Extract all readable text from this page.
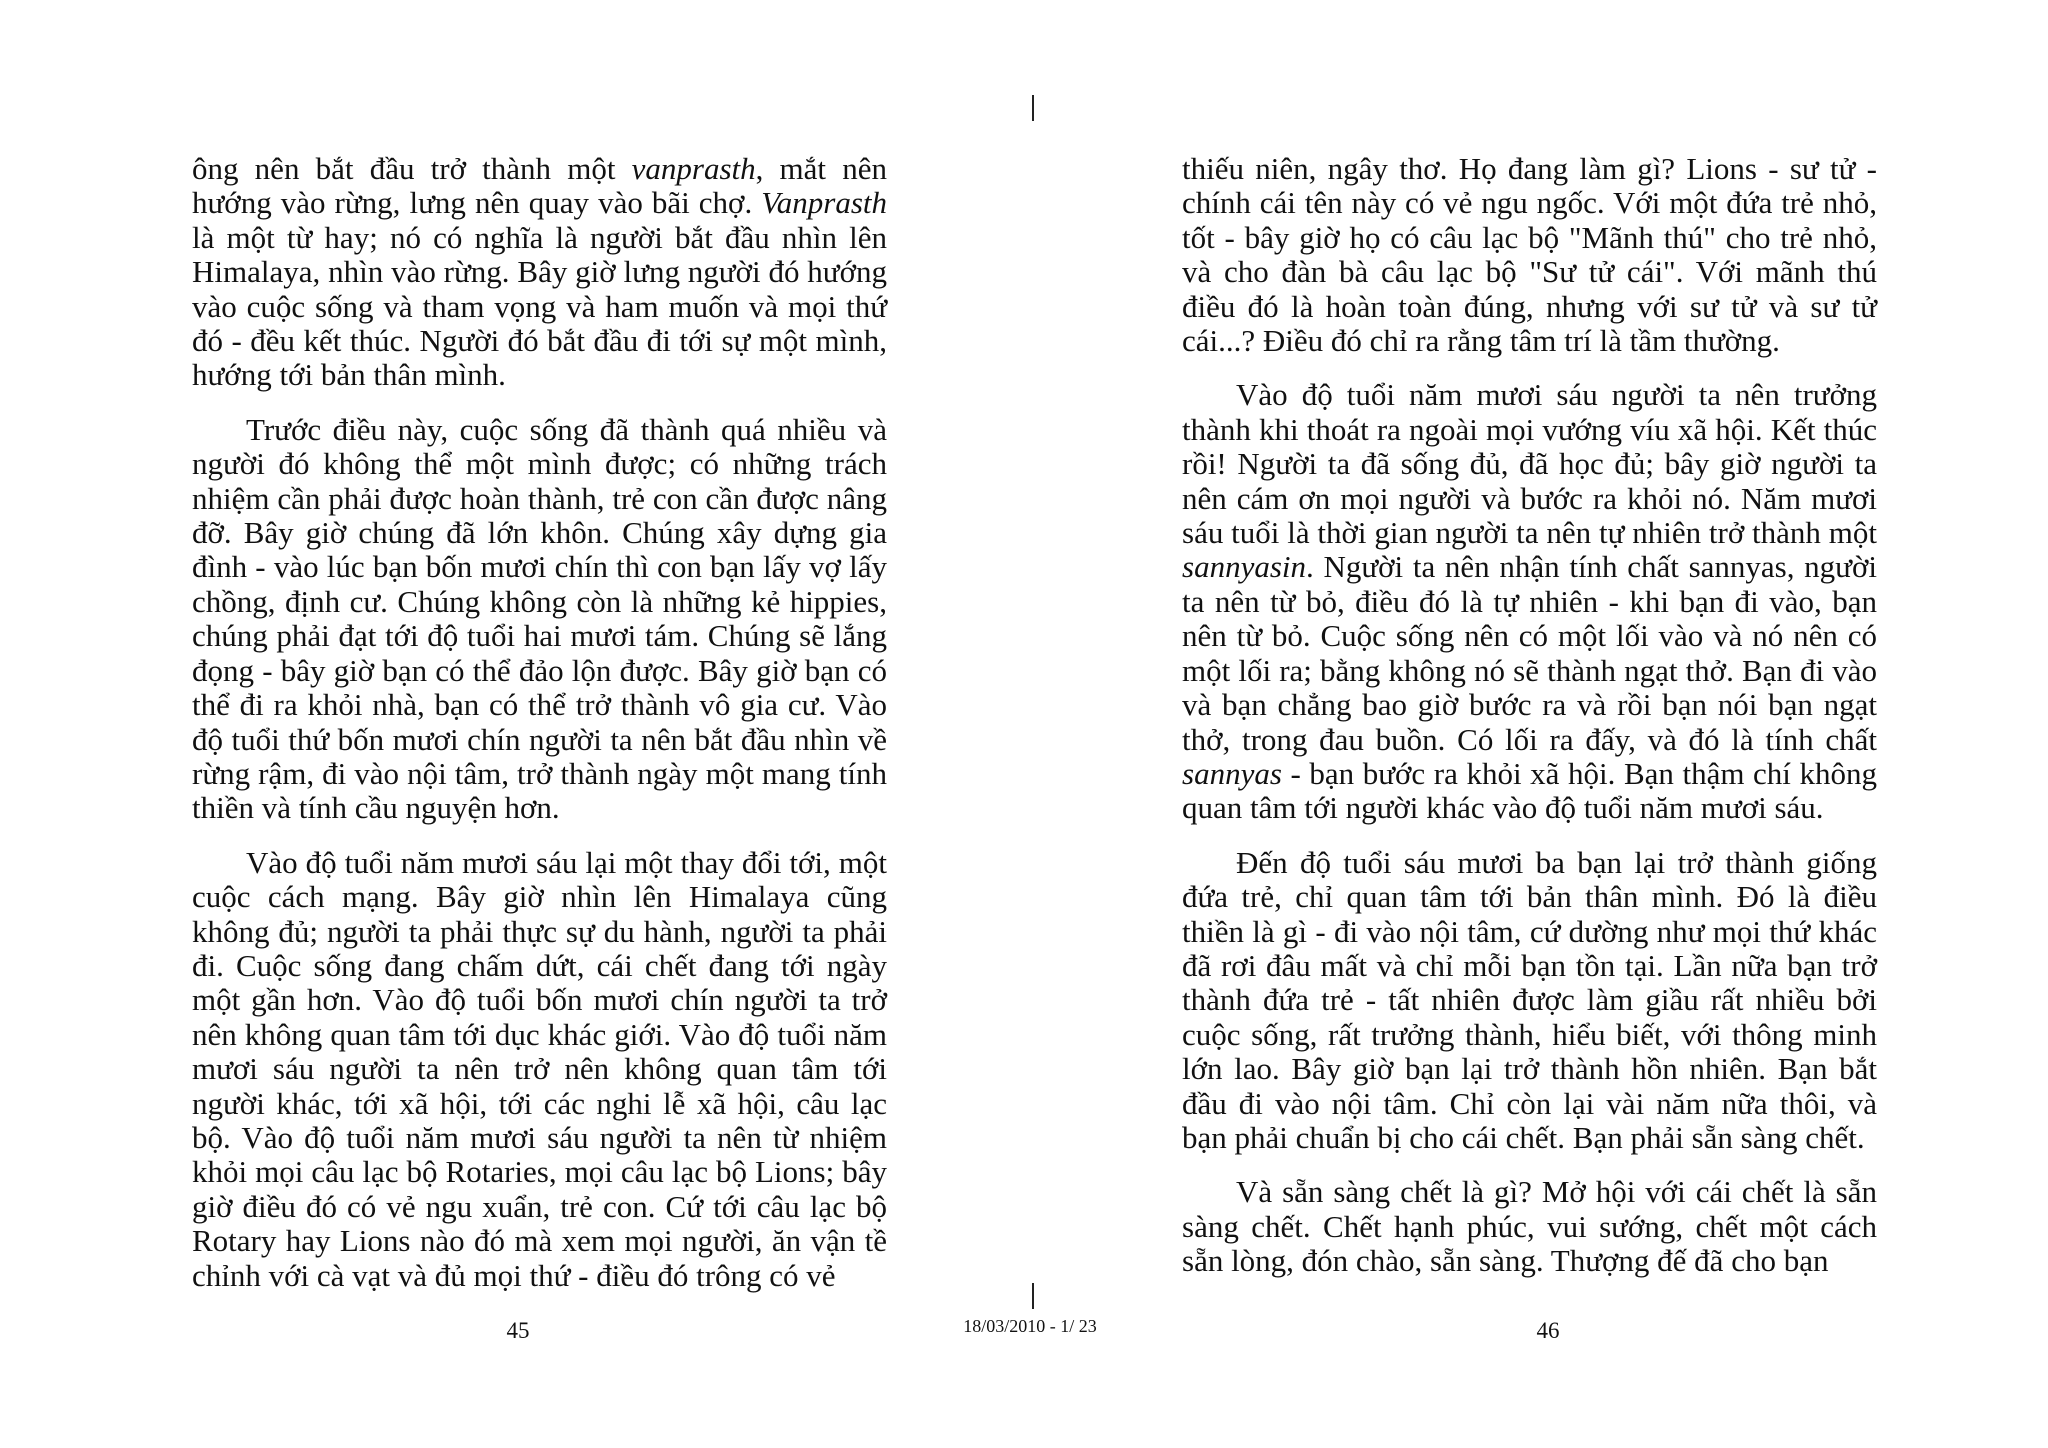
ông nên bắt đầu trở thành một vanprasth, mắt nên hướng vào rừng, lưng nên quay vào bãi chợ. Vanprasth là một từ hay; nó có nghĩa là người bắt đầu nhìn lên Himalaya, nhìn vào rừng. Bây giờ lưng người đó hướng vào cuộc sống và tham vọng và ham muốn và mọi thứ đó - đều kết thúc. Người đó bắt đầu đi tới sự một mình, hướng tới bản thân mình.

Trước điều này, cuộc sống đã thành quá nhiều và người đó không thể một mình được; có những trách nhiệm cần phải được hoàn thành, trẻ con cần được nâng đỡ. Bây giờ chúng đã lớn khôn. Chúng xây dựng gia đình - vào lúc bạn bốn mươi chín thì con bạn lấy vợ lấy chồng, định cư. Chúng không còn là những kẻ hippies, chúng phải đạt tới độ tuổi hai mươi tám. Chúng sẽ lắng đọng - bây giờ bạn có thể đảo lộn được. Bây giờ bạn có thể đi ra khỏi nhà, bạn có thể trở thành vô gia cư. Vào độ tuổi thứ bốn mươi chín người ta nên bắt đầu nhìn về rừng rậm, đi vào nội tâm, trở thành ngày một mang tính thiền và tính cầu nguyện hơn.

Vào độ tuổi năm mươi sáu lại một thay đổi tới, một cuộc cách mạng. Bây giờ nhìn lên Himalaya cũng không đủ; người ta phải thực sự du hành, người ta phải đi. Cuộc sống đang chấm dứt, cái chết đang tới ngày một gần hơn. Vào độ tuổi bốn mươi chín người ta trở nên không quan tâm tới dục khác giới. Vào độ tuổi năm mươi sáu người ta nên trở nên không quan tâm tới người khác, tới xã hội, tới các nghi lễ xã hội, câu lạc bộ. Vào độ tuổi năm mươi sáu người ta nên từ nhiệm khỏi mọi câu lạc bộ Rotaries, mọi câu lạc bộ Lions; bây giờ điều đó có vẻ ngu xuẩn, trẻ con. Cứ tới câu lạc bộ Rotary hay Lions nào đó mà xem mọi người, ăn vận tề chỉnh với cà vạt và đủ mọi thứ - điều đó trông có vẻ

thiếu niên, ngây thơ. Họ đang làm gì? Lions - sư tử - chính cái tên này có vẻ ngu ngốc. Với một đứa trẻ nhỏ, tốt - bây giờ họ có câu lạc bộ "Mãnh thú" cho trẻ nhỏ, và cho đàn bà câu lạc bộ "Sư tử cái". Với mãnh thú điều đó là hoàn toàn đúng, nhưng với sư tử và sư tử cái...? Điều đó chỉ ra rằng tâm trí là tầm thường.

Vào độ tuổi năm mươi sáu người ta nên trưởng thành khi thoát ra ngoài mọi vướng víu xã hội. Kết thúc rồi! Người ta đã sống đủ, đã học đủ; bây giờ người ta nên cám ơn mọi người và bước ra khỏi nó. Năm mươi sáu tuổi là thời gian người ta nên tự nhiên trở thành một sannyasin. Người ta nên nhận tính chất sannyas, người ta nên từ bỏ, điều đó là tự nhiên - khi bạn đi vào, bạn nên từ bỏ. Cuộc sống nên có một lối vào và nó nên có một lối ra; bằng không nó sẽ thành ngạt thở. Bạn đi vào và bạn chẳng bao giờ bước ra và rồi bạn nói bạn ngạt thở, trong đau buồn. Có lối ra đấy, và đó là tính chất sannyas - bạn bước ra khỏi xã hội. Bạn thậm chí không quan tâm tới người khác vào độ tuổi năm mươi sáu.

Đến độ tuổi sáu mươi ba bạn lại trở thành giống đứa trẻ, chỉ quan tâm tới bản thân mình. Đó là điều thiền là gì - đi vào nội tâm, cứ dường như mọi thứ khác đã rơi đâu mất và chỉ mỗi bạn tồn tại. Lần nữa bạn trở thành đứa trẻ - tất nhiên được làm giầu rất nhiều bởi cuộc sống, rất trưởng thành, hiểu biết, với thông minh lớn lao. Bây giờ bạn lại trở thành hồn nhiên. Bạn bắt đầu đi vào nội tâm. Chỉ còn lại vài năm nữa thôi, và bạn phải chuẩn bị cho cái chết. Bạn phải sẵn sàng chết.

Và sẵn sàng chết là gì? Mở hội với cái chết là sẵn sàng chết. Chết hạnh phúc, vui sướng, chết một cách sẵn lòng, đón chào, sẵn sàng. Thượng đế đã cho bạn

45	18/03/2010 - 1/ 23	46
